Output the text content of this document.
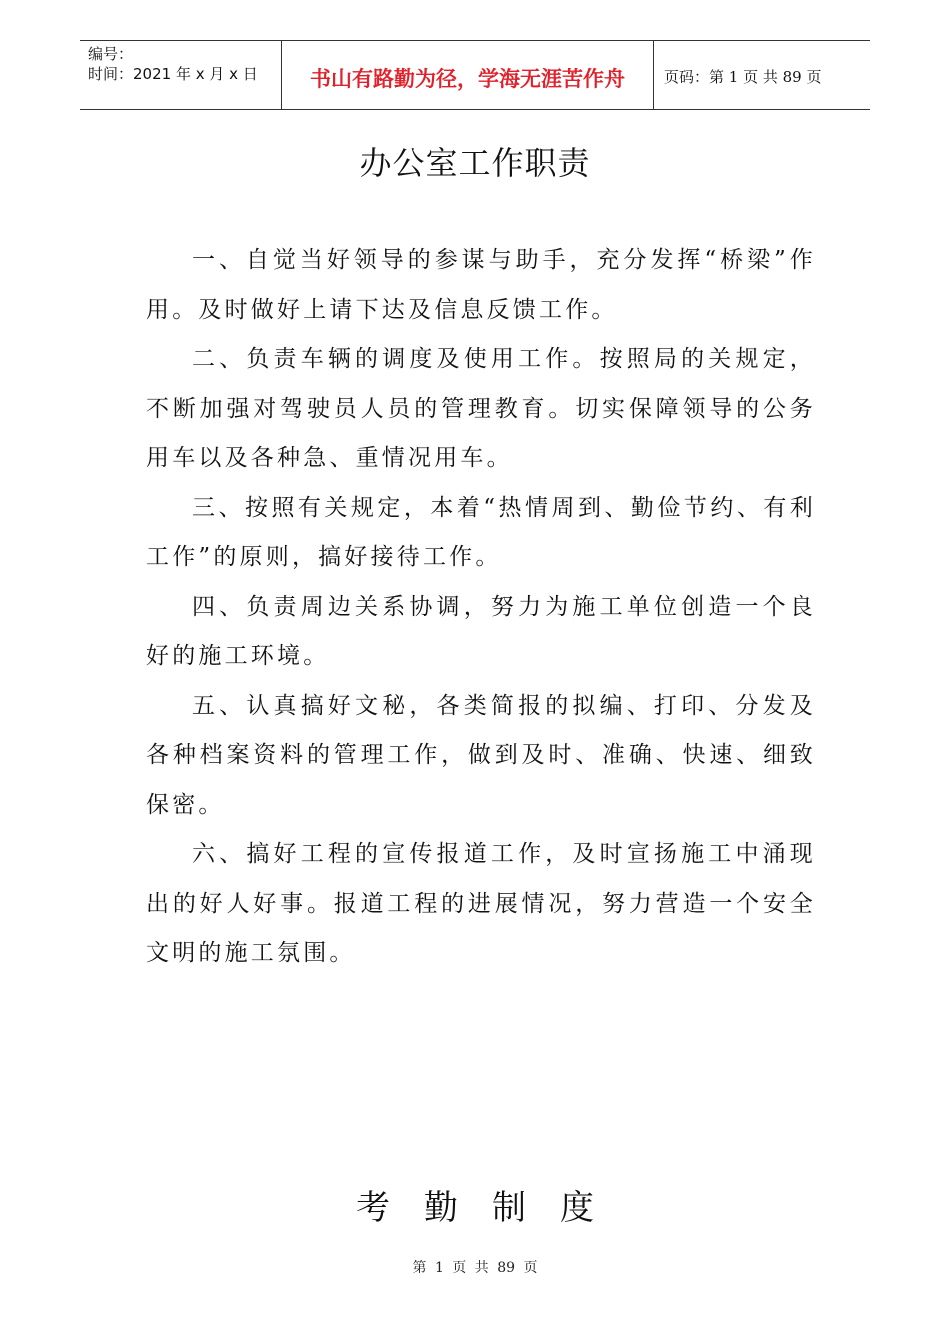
编号：
时间：2021 年 x 月 x 日	书山有路勤为径，学海无涯苦作舟	页码：第 1 页 共 89 页
办公室工作职责

一、自觉当好领导的参谋与助手，充分发挥“桥梁”作用。及时做好上请下达及信息反馈工作。

二、负责车辆的调度及使用工作。按照局的关规定，不断加强对驾驶员人员的管理教育。切实保障领导的公务用车以及各种急、重情况用车。

三、按照有关规定，本着“热情周到、勤俭节约、有利工作”的原则，搞好接待工作。

四、负责周边关系协调，努力为施工单位创造一个良好的施工环境。

五、认真搞好文秘，各类简报的拟编、打印、分发及各种档案资料的管理工作，做到及时、准确、快速、细致保密。

六、搞好工程的宣传报道工作，及时宣扬施工中涌现出的好人好事。报道工程的进展情况，努力营造一个安全文明的施工氛围。

考勤制度
第 1 页 共 89 页
